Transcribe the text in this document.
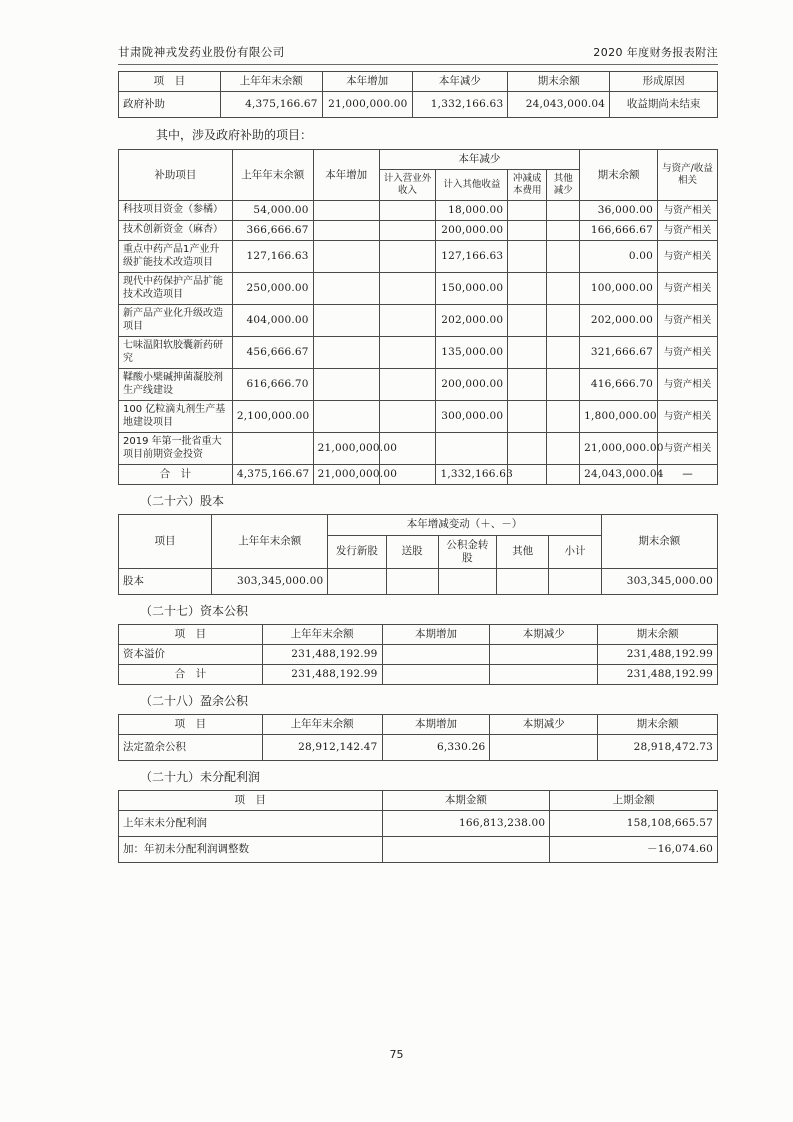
甘肃陇神戎发药业股份有限公司	2020 年度财务报表附注
项　目	上年年末余额	本年增加	本年减少	期末余额	形成原因
政府补助	4,375,166.67	21,000,000.00	1,332,166.63	24,043,000.04	收益期尚未结束
其中，涉及政府补助的项目：
补助项目	上年年末余额	本年增加	本年减少				期末余额	与资产/收益相关
			计入营业外收入	计入其他收益	冲减成本费用	其他减少		

科技项目资金（参橘）	54,000.00			18,000.00			36,000.00	与资产相关
技术创新资金（麻杏）	366,666.67			200,000.00			166,666.67	与资产相关
重点中药产品1产业升级扩能技术改造项目	127,166.63			127,166.63			0.00	与资产相关
现代中药保护产品扩能技术改造项目	250,000.00			150,000.00			100,000.00	与资产相关
新产品产业化升级改造项目	404,000.00			202,000.00			202,000.00	与资产相关
七味温阳软胶囊新药研究	456,666.67			135,000.00			321,666.67	与资产相关
鞣酸小檗碱抻菌凝胶剂生产线建设	616,666.70			200,000.00			416,666.70	与资产相关
100 亿粒滴丸剂生产基地建设项目	2,100,000.00			300,000.00			1,800,000.00	与资产相关
2019 年第一批省重大项目前期资金投资		21,000,000.00					21,000,000.00	与资产相关
合　计	4,375,166.67	21,000,000.00		1,332,166.63			24,043,000.04	—
（二十六）股本
项目	上年年末余额	本年增减变动（＋、－）					期末余额
		发行新股	送股	公积金转股	其他	小计	
股本	303,345,000.00						303,345,000.00
（二十七）资本公积
项　目	上年年末余额	本期增加	本期减少	期末余额
资本溢价	231,488,192.99			231,488,192.99
合　计	231,488,192.99			231,488,192.99
（二十八）盈余公积
项　目	上年年末余额	本期增加	本期减少	期末余额
法定盈余公积	28,912,142.47	6,330.26		28,918,472.73
（二十九）未分配利润
项　目	本期金额	上期金额
上年末未分配利润	166,813,238.00	158,108,665.57
加：年初未分配利润调整数		－16,074.60
75
